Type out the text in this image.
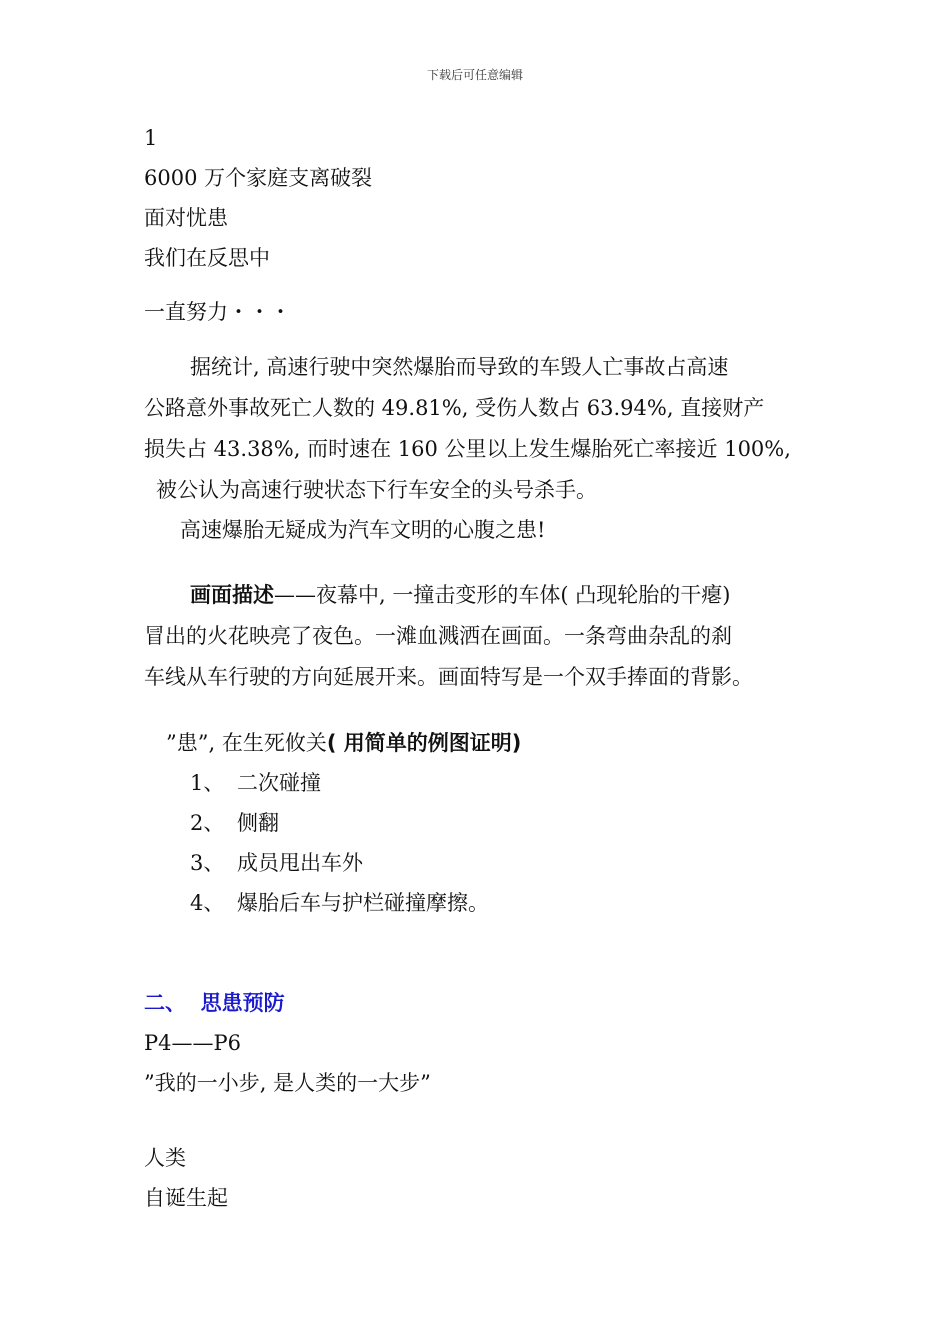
下载后可任意编辑
1
6000 万个家庭支离破裂
面对忧患
我们在反思中
一直努力・・・
据统计, 高速行驶中突然爆胎而导致的车毁人亡事故占高速
公路意外事故死亡人数的 49.81%, 受伤人数占 63.94%, 直接财产
损失占 43.38%, 而时速在 160 公里以上发生爆胎死亡率接近 100%,
被公认为高速行驶状态下行车安全的头号杀手。
高速爆胎无疑成为汽车文明的心腹之患!
画面描述——夜幕中, 一撞击变形的车体( 凸现轮胎的干瘪)
冒出的火花映亮了夜色。一滩血溅洒在画面。一条弯曲杂乱的刹
车线从车行驶的方向延展开来。画面特写是一个双手捧面的背影。
”患”, 在生死攸关( 用简单的例图证明)
1、 二次碰撞
2、 侧翻
3、 成员甩出车外
4、 爆胎后车与护栏碰撞摩擦。
二、  思患预防
P4——P6
”我的一小步, 是人类的一大步”
人类
自诞生起
